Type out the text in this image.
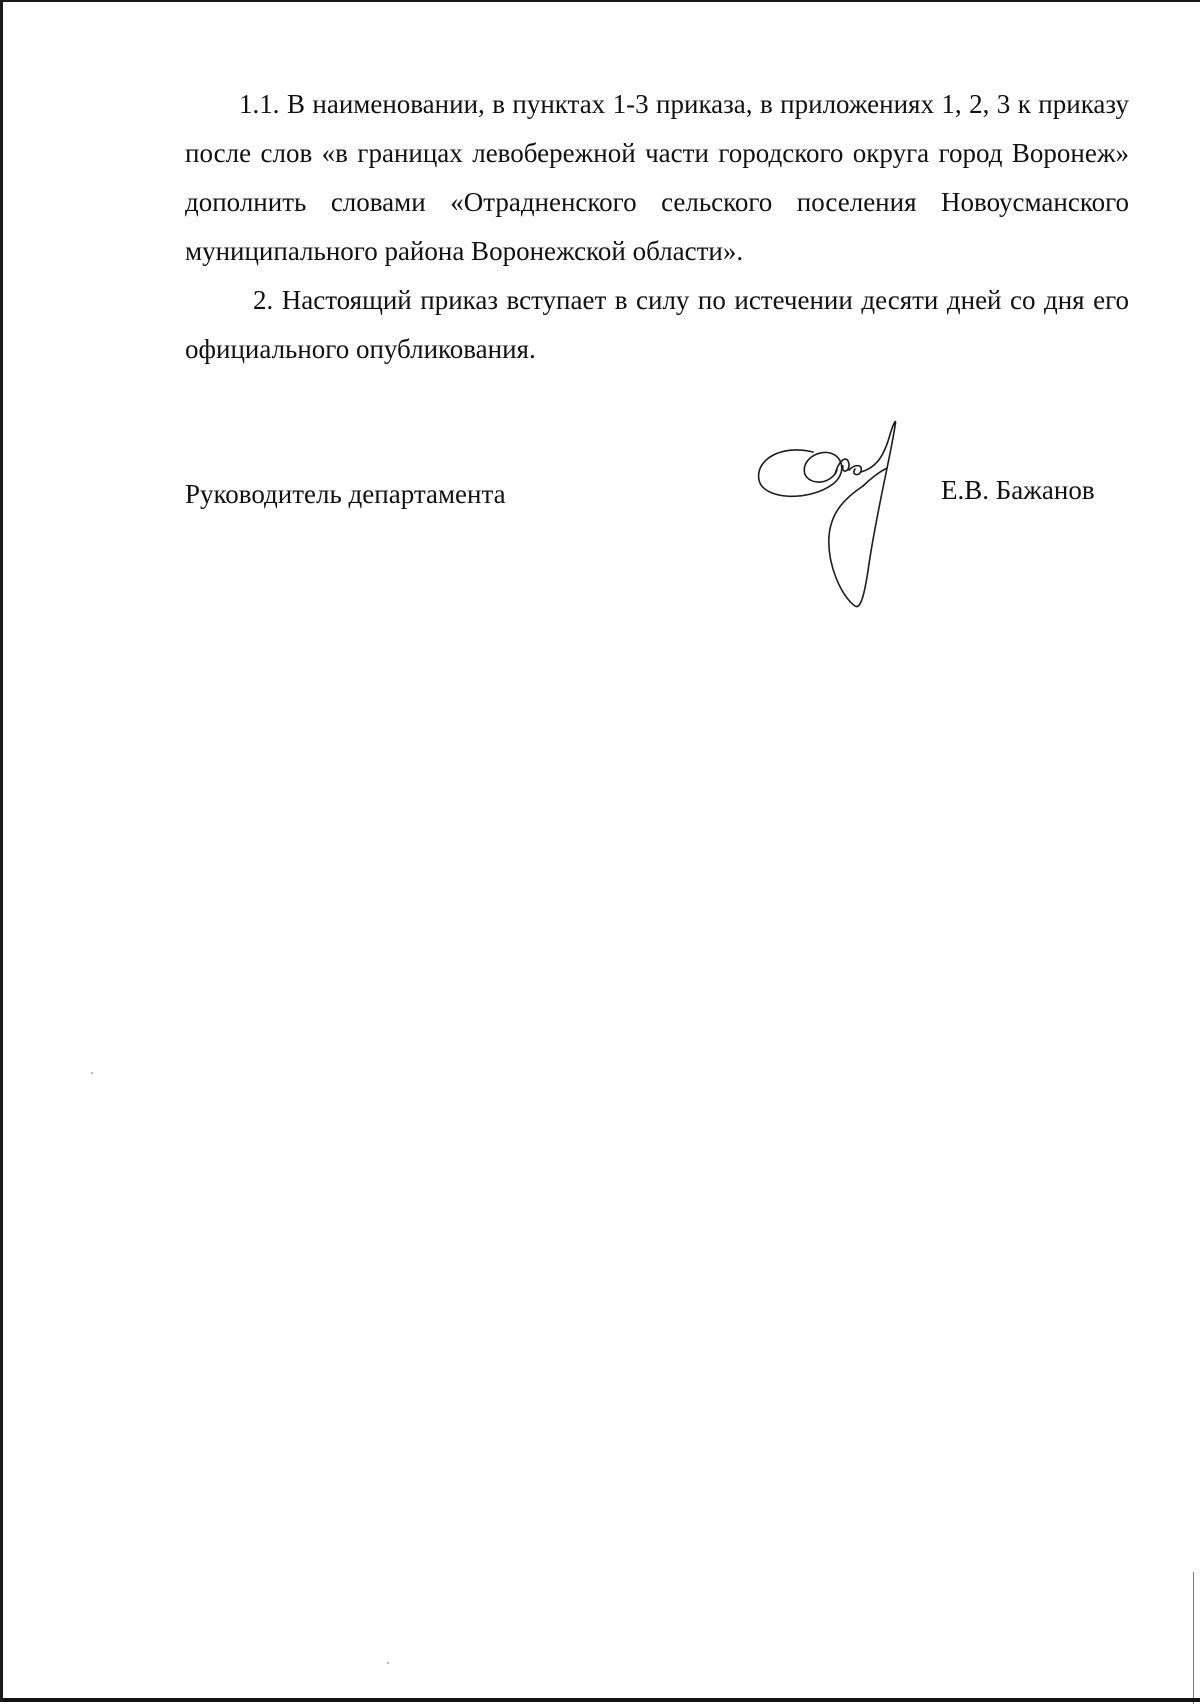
1.1. В наименовании, в пунктах 1-3 приказа, в приложениях 1, 2, 3 к приказу после слов «в границах левобережной части городского округа город Воронеж» дополнить словами «Отрадненского сельского поселения Новоусманского муниципального района Воронежской области».

2. Настоящий приказ вступает в силу по истечении десяти дней со дня его официального опубликования.

Руководитель департамента	Е.В. Бажанов
